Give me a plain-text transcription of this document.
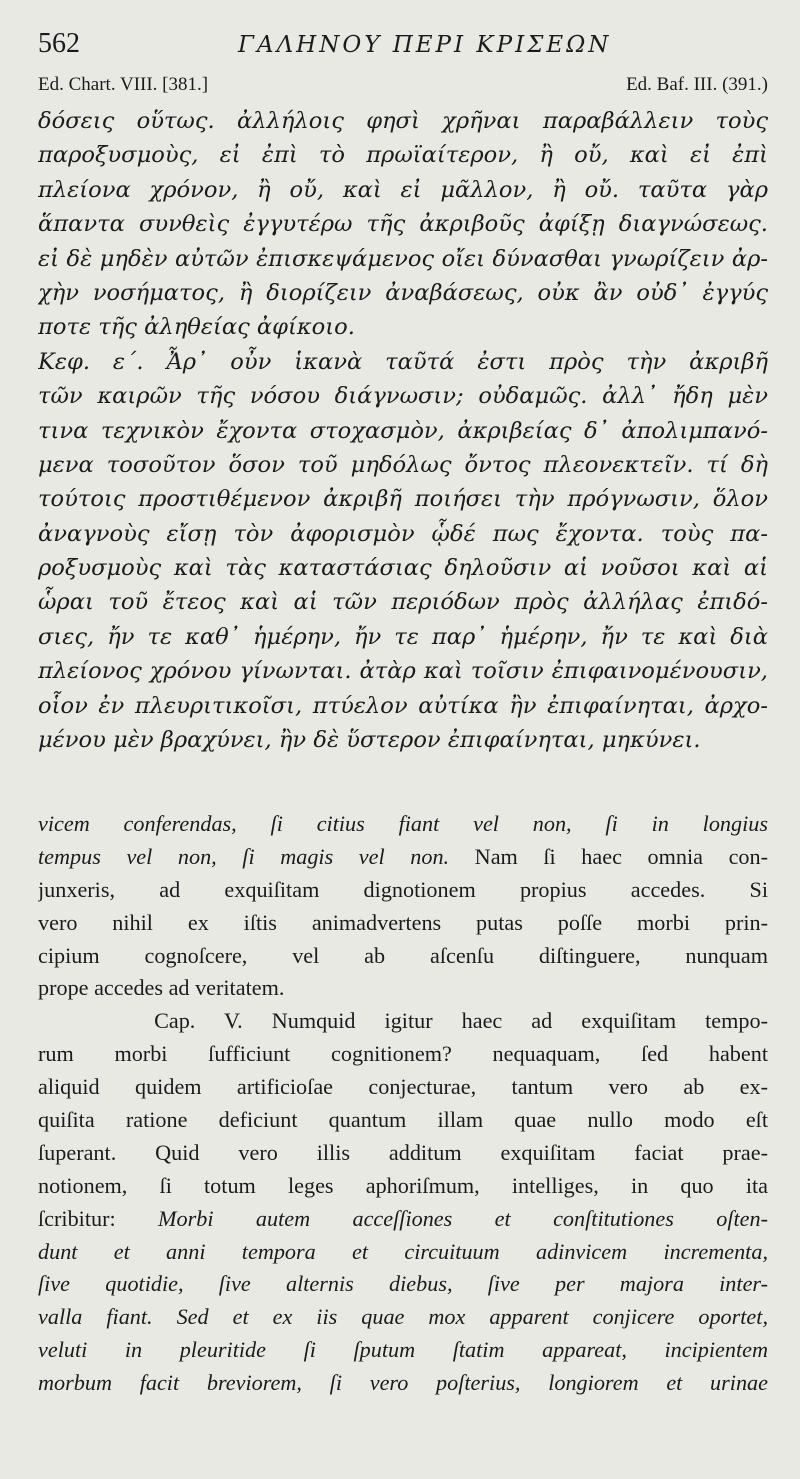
562	ΓΑΛΗΝΟΥ ΠΕΡΙ ΚΡΙΣΕΩΝ
Ed. Chart. VIII. [381.]	Ed. Baf. III. (391.)
δόσεις οὕτως. ἀλλήλοις φησὶ χρῆναι παραβάλλειν τοὺς
παροξυσμοὺς, εἰ ἐπὶ τὸ πρωϊαίτερον, ἢ οὔ, καὶ εἰ ἐπὶ
πλείονα χρόνον, ἢ οὔ, καὶ εἰ μᾶλλον, ἢ οὔ. ταῦτα γὰρ
ἅπαντα συνθεὶς ἐγγυτέρω τῆς ἀκριβοῦς ἀφίξῃ διαγνώσεως.
εἰ δὲ μηδὲν αὐτῶν ἐπισκεψάμενος οἴει δύνασθαι γνωρίζειν ἀρ-
χὴν νοσήματος, ἢ διορίζειν ἀναβάσεως, οὐκ ἂν οὐδ᾽ ἐγγύς
ποτε τῆς ἀληθείας ἀφίκοιο.
Κεφ. ε΄. Ἆρ᾽ οὖν ἱκανὰ ταῦτά ἐστι πρὸς τὴν ἀκριβῆ
τῶν καιρῶν τῆς νόσου διάγνωσιν; οὐδαμῶς. ἀλλ᾽ ἤδη μὲν
τινα τεχνικὸν ἔχοντα στοχασμὸν, ἀκριβείας δ᾽ ἀπολιμπανό-
μενα τοσοῦτον ὅσον τοῦ μηδόλως ὄντος πλεονεκτεῖν. τί δὴ
τούτοις προστιθέμενον ἀκριβῆ ποιήσει τὴν πρόγνωσιν, ὅλον
ἀναγνοὺς εἴσῃ τὸν ἀφορισμὸν ᾧδέ πως ἔχοντα. τοὺς πα-
ροξυσμοὺς καὶ τὰς καταστάσιας δηλοῦσιν αἱ νοῦσοι καὶ αἱ
ὧραι τοῦ ἔτεος καὶ αἱ τῶν περιόδων πρὸς ἀλλήλας ἐπιδό-
σιες, ἤν τε καθ᾽ ἡμέρην, ἤν τε παρ᾽ ἡμέρην, ἤν τε καὶ διὰ
πλείονος χρόνου γίνωνται. ἀτὰρ καὶ τοῖσιν ἐπιφαινομένουσιν,
οἷον ἐν πλευριτικοῖσι, πτύελον αὐτίκα ἢν ἐπιφαίνηται, ἀρχο-
μένου μὲν βραχύνει, ἢν δὲ ὕστερον ἐπιφαίνηται, μηκύνει.
vicem conferendas, ſi citius fiant vel non, ſi in longius
tempus vel non, ſi magis vel non. Nam ſi haec omnia con-
junxeris, ad exquiſitam dignotionem propius accedes. Si
vero nihil ex iſtis animadvertens putas poſſe morbi prin-
cipium cognoſcere, vel ab aſcenſu diſtinguere, nunquam
prope accedes ad veritatem.
Cap. V. Numquid igitur haec ad exquiſitam tempo-
rum morbi ſufficiunt cognitionem? nequaquam, ſed habent
aliquid quidem artificioſae conjecturae, tantum vero ab ex-
quiſita ratione deficiunt quantum illam quae nullo modo eſt
ſuperant. Quid vero illis additum exquiſitam faciat prae-
notionem, ſi totum leges aphoriſmum, intelliges, in quo ita
ſcribitur: Morbi autem acceſſiones et conſtitutiones oſten-
dunt et anni tempora et circuituum adinvicem incrementa,
ſive quotidie, ſive alternis diebus, ſive per majora inter-
valla fiant. Sed et ex iis quae mox apparent conjicere oportet,
veluti in pleuritide ſi ſputum ſtatim appareat, incipientem
morbum facit breviorem, ſi vero poſterius, longiorem et urinae
